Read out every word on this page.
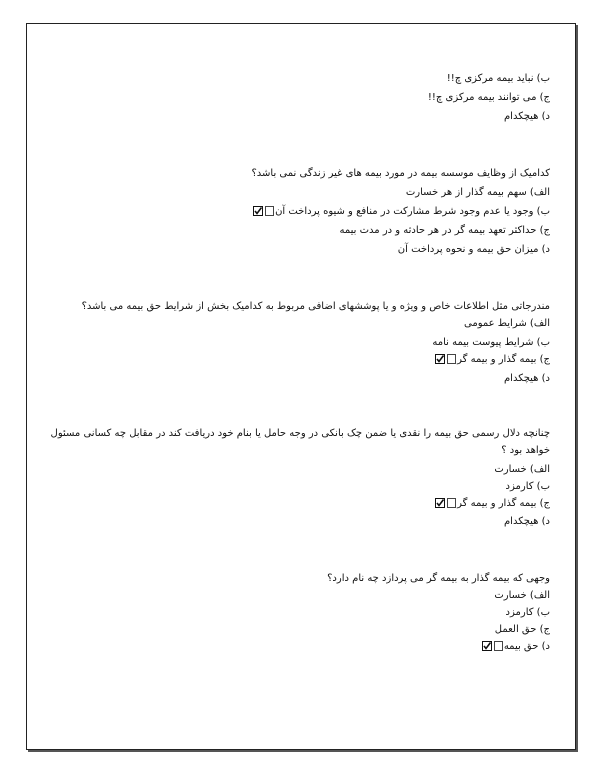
ب) نباید بیمه مرکزی چ!!
ج) می توانند بیمه مرکزی چ!!
د) هیچکدام
کدامیک از وظایف موسسه بیمه در مورد بیمه های غیر زندگی نمی باشد؟
الف) سهم بیمه گذار از هر خسارت
ب) وجود یا عدم وجود شرط مشارکت در منافع و شیوه پرداخت آن
ج) حداکثر تعهد بیمه گر در هر حادثه و در مدت بیمه
د) میزان حق بیمه و نحوه پرداخت آن
مندرجاتی مثل اطلاعات خاص و ویژه و یا پوششهای اضافی مربوط به کدامیک بخش از شرایط حق بیمه می باشد؟
الف) شرایط عمومی
ب) شرایط پیوست بیمه نامه
ج) بیمه گذار و بیمه گر
د) هیچکدام
چنانچه دلال رسمی حق بیمه را نقدی یا ضمن چک بانکی در وجه حامل یا بنام خود دریافت کند در مقابل چه کسانی مسئول خواهد بود ؟
الف) خسارت
ب) کارمزد
ج) بیمه گذار و بیمه گر
د) هیچکدام
وجهی که بیمه گذار به بیمه گر می پردازد چه نام دارد؟
الف) خسارت
ب) کارمزد
ج) حق العمل
د) حق بیمه
